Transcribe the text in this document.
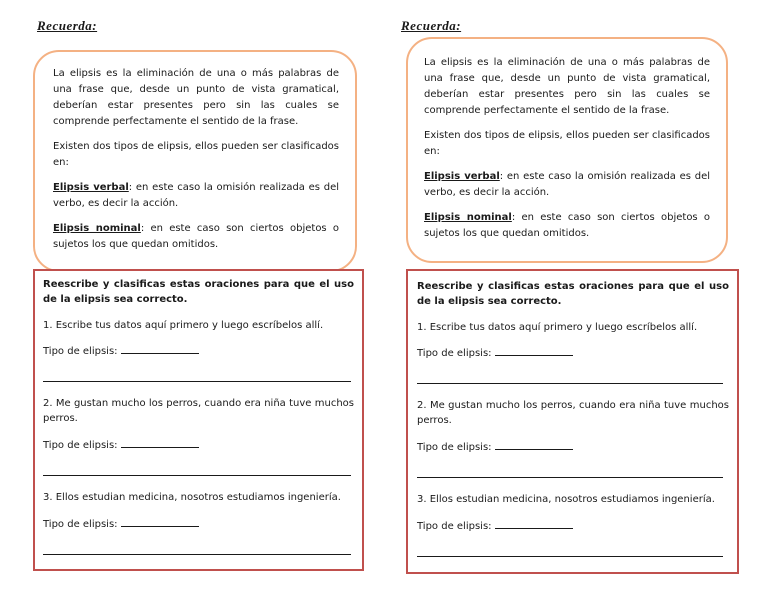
Recuerda:

La elipsis es la eliminación de una o más palabras de una frase que, desde un punto de vista gramatical, deberían estar presentes pero sin las cuales se comprende perfectamente el sentido de la frase.

Existen dos tipos de elipsis, ellos pueden ser clasificados en:

Elipsis verbal: en este caso la omisión realizada es del verbo, es decir la acción.

Elipsis nominal: en este caso son ciertos objetos o sujetos los que quedan omitidos.

Reescribe y clasificas estas oraciones para que el uso de la elipsis sea correcto.

1. Escribe tus datos aquí primero y luego escríbelos allí.

Tipo de elipsis:

2. Me gustan mucho los perros, cuando era niña tuve muchos perros.

Tipo de elipsis:

3. Ellos estudian medicina, nosotros estudiamos ingeniería.

Tipo de elipsis:

Recuerda:

La elipsis es la eliminación de una o más palabras de una frase que, desde un punto de vista gramatical, deberían estar presentes pero sin las cuales se comprende perfectamente el sentido de la frase.

Existen dos tipos de elipsis, ellos pueden ser clasificados en:

Elipsis verbal: en este caso la omisión realizada es del verbo, es decir la acción.

Elipsis nominal: en este caso son ciertos objetos o sujetos los que quedan omitidos.

Reescribe y clasificas estas oraciones para que el uso de la elipsis sea correcto.

1. Escribe tus datos aquí primero y luego escríbelos allí.

Tipo de elipsis:

2. Me gustan mucho los perros, cuando era niña tuve muchos perros.

Tipo de elipsis:

3. Ellos estudian medicina, nosotros estudiamos ingeniería.

Tipo de elipsis:
